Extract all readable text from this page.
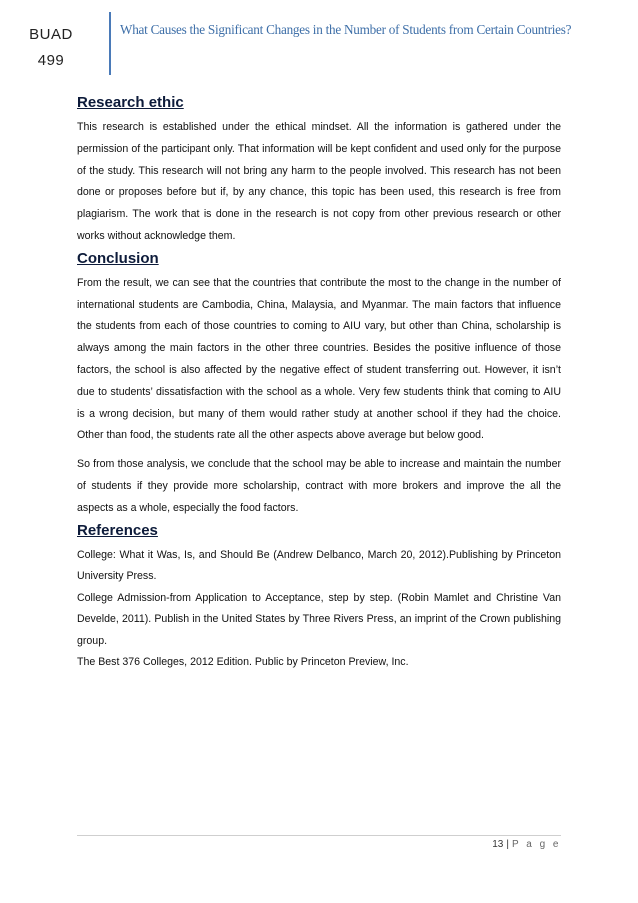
BUAD
499
What Causes the Significant Changes in the Number of Students from Certain Countries?
Research ethic

This research is established under the ethical mindset. All the information is gathered under the permission of the participant only. That information will be kept confident and used only for the purpose of the study. This research will not bring any harm to the people involved. This research has not been done or proposes before but if, by any chance, this topic has been used, this research is free from plagiarism. The work that is done in the research is not copy from other previous research or other works without acknowledge them.

Conclusion

From the result, we can see that the countries that contribute the most to the change in the number of international students are Cambodia, China, Malaysia, and Myanmar. The main factors that influence the students from each of those countries to coming to AIU vary, but other than China, scholarship is always among the main factors in the other three countries. Besides the positive influence of those factors, the school is also affected by the negative effect of student transferring out. However, it isn’t due to students’ dissatisfaction with the school as a whole. Very few students think that coming to AIU is a wrong decision, but many of them would rather study at another school if they had the choice. Other than food, the students rate all the other aspects above average but below good.

So from those analysis, we conclude that the school may be able to increase and maintain the number of students if they provide more scholarship, contract with more brokers and improve the all the aspects as a whole, especially the food factors.

References

College: What it Was, Is, and Should Be (Andrew Delbanco, March 20, 2012).Publishing by Princeton University Press.

College Admission-from Application to Acceptance, step by step. (Robin Mamlet and Christine Van Develde, 2011). Publish in the United States by Three Rivers Press, an imprint of the Crown publishing group.

The Best 376 Colleges, 2012 Edition. Public by Princeton Preview, Inc.

13 | P a g e
